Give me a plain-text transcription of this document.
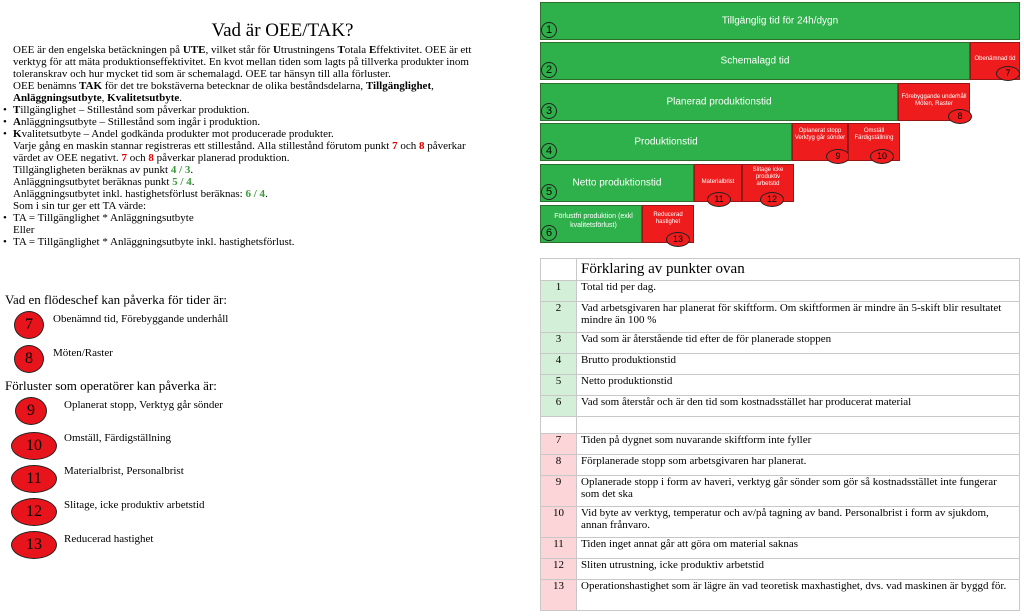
Vad är OEE/TAK?
OEE är den engelska betäckningen på UTE, vilket står för Utrustningens Totala Effektivitet. OEE är ett
verktyg för att mäta produktionseffektivitet. En kvot mellan tiden som lagts på tillverka produkter inom
toleranskrav och hur mycket tid som är schemalagd. OEE tar hänsyn till alla förluster.
OEE benämns TAK för det tre bokstäverna betecknar de olika beståndsdelarna, Tillgänglighet,
Anläggningsutbyte, Kvalitetsutbyte.
• Tillgänglighet – Stillestånd som påverkar produktion.
• Anläggningsutbyte – Stillestånd som ingår i produktion.
• Kvalitetsutbyte – Andel godkända produkter mot producerade produkter.
Varje gång en maskin stannar registreras ett stillestånd. Alla stillestånd förutom punkt 7 och 8 påverkar
värdet av OEE negativt. 7 och 8 påverkar planerad produktion.
Tillgängligheten beräknas av punkt 4 / 3.
Anläggningsutbytet beräknas punkt 5 / 4.
Anläggningsutbytet inkl. hastighetsförlust beräknas: 6 / 4.
Som i sin tur ger ett TA värde:
• TA = Tillgänglighet * Anläggningsutbyte
Eller
• TA = Tillgänglighet * Anläggningsutbyte inkl. hastighetsförlust.
Vad en flödeschef kan påverka för tider är:
Förluster som operatörer kan påverka är:
7	Obenämnd tid, Förebyggande underhåll
8	Möten/Raster
9	Oplanerat stopp, Verktyg går sönder
10	Omställ, Färdigställning
11	Materialbrist, Personalbrist
12	Slitage, icke produktiv arbetstid
13	Reducerad hastighet
Tillgänglig tid för 24h/dygn
1
Schemalagd tid
2
Obenämnad tid
7
Planerad produktionstid
3
Förebyggande underhåll Möten, Raster
8
Produktionstid
4
Oplanerat stopp Verktyg går sönder
9
Omställ Färdigställning
10
Netto produktionstid
5
Materialbrist
11
Slitage icke produktiv arbetstid
12
Förlustfri produktion (exkl kvalitetsförlust)
6
Reducerad hastighet
13
	Förklaring av punkter ovan
1	Total tid per dag.
2	Vad arbetsgivaren har planerat för skiftform. Om skiftformen är mindre än 5-skift blir resultatet mindre än 100 %
3	Vad som är återstående tid efter de för planerade stoppen
4	Brutto produktionstid
5	Netto produktionstid
6	Vad som återstår och är den tid som kostnadsstället har producerat material

7	Tiden på dygnet som nuvarande skiftform inte fyller
8	Förplanerade stopp som arbetsgivaren har planerat.
9	Oplanerade stopp i form av haveri, verktyg går sönder som gör så kostnadsstället inte fungerar som det ska
10	Vid byte av verktyg, temperatur och av/på tagning av band. Personalbrist i form av sjukdom, annan frånvaro.
11	Tiden inget annat går att göra om material saknas
12	Sliten utrustning, icke produktiv arbetstid
13	Operationshastighet som är lägre än vad teoretisk maxhastighet, dvs. vad maskinen är byggd för.
